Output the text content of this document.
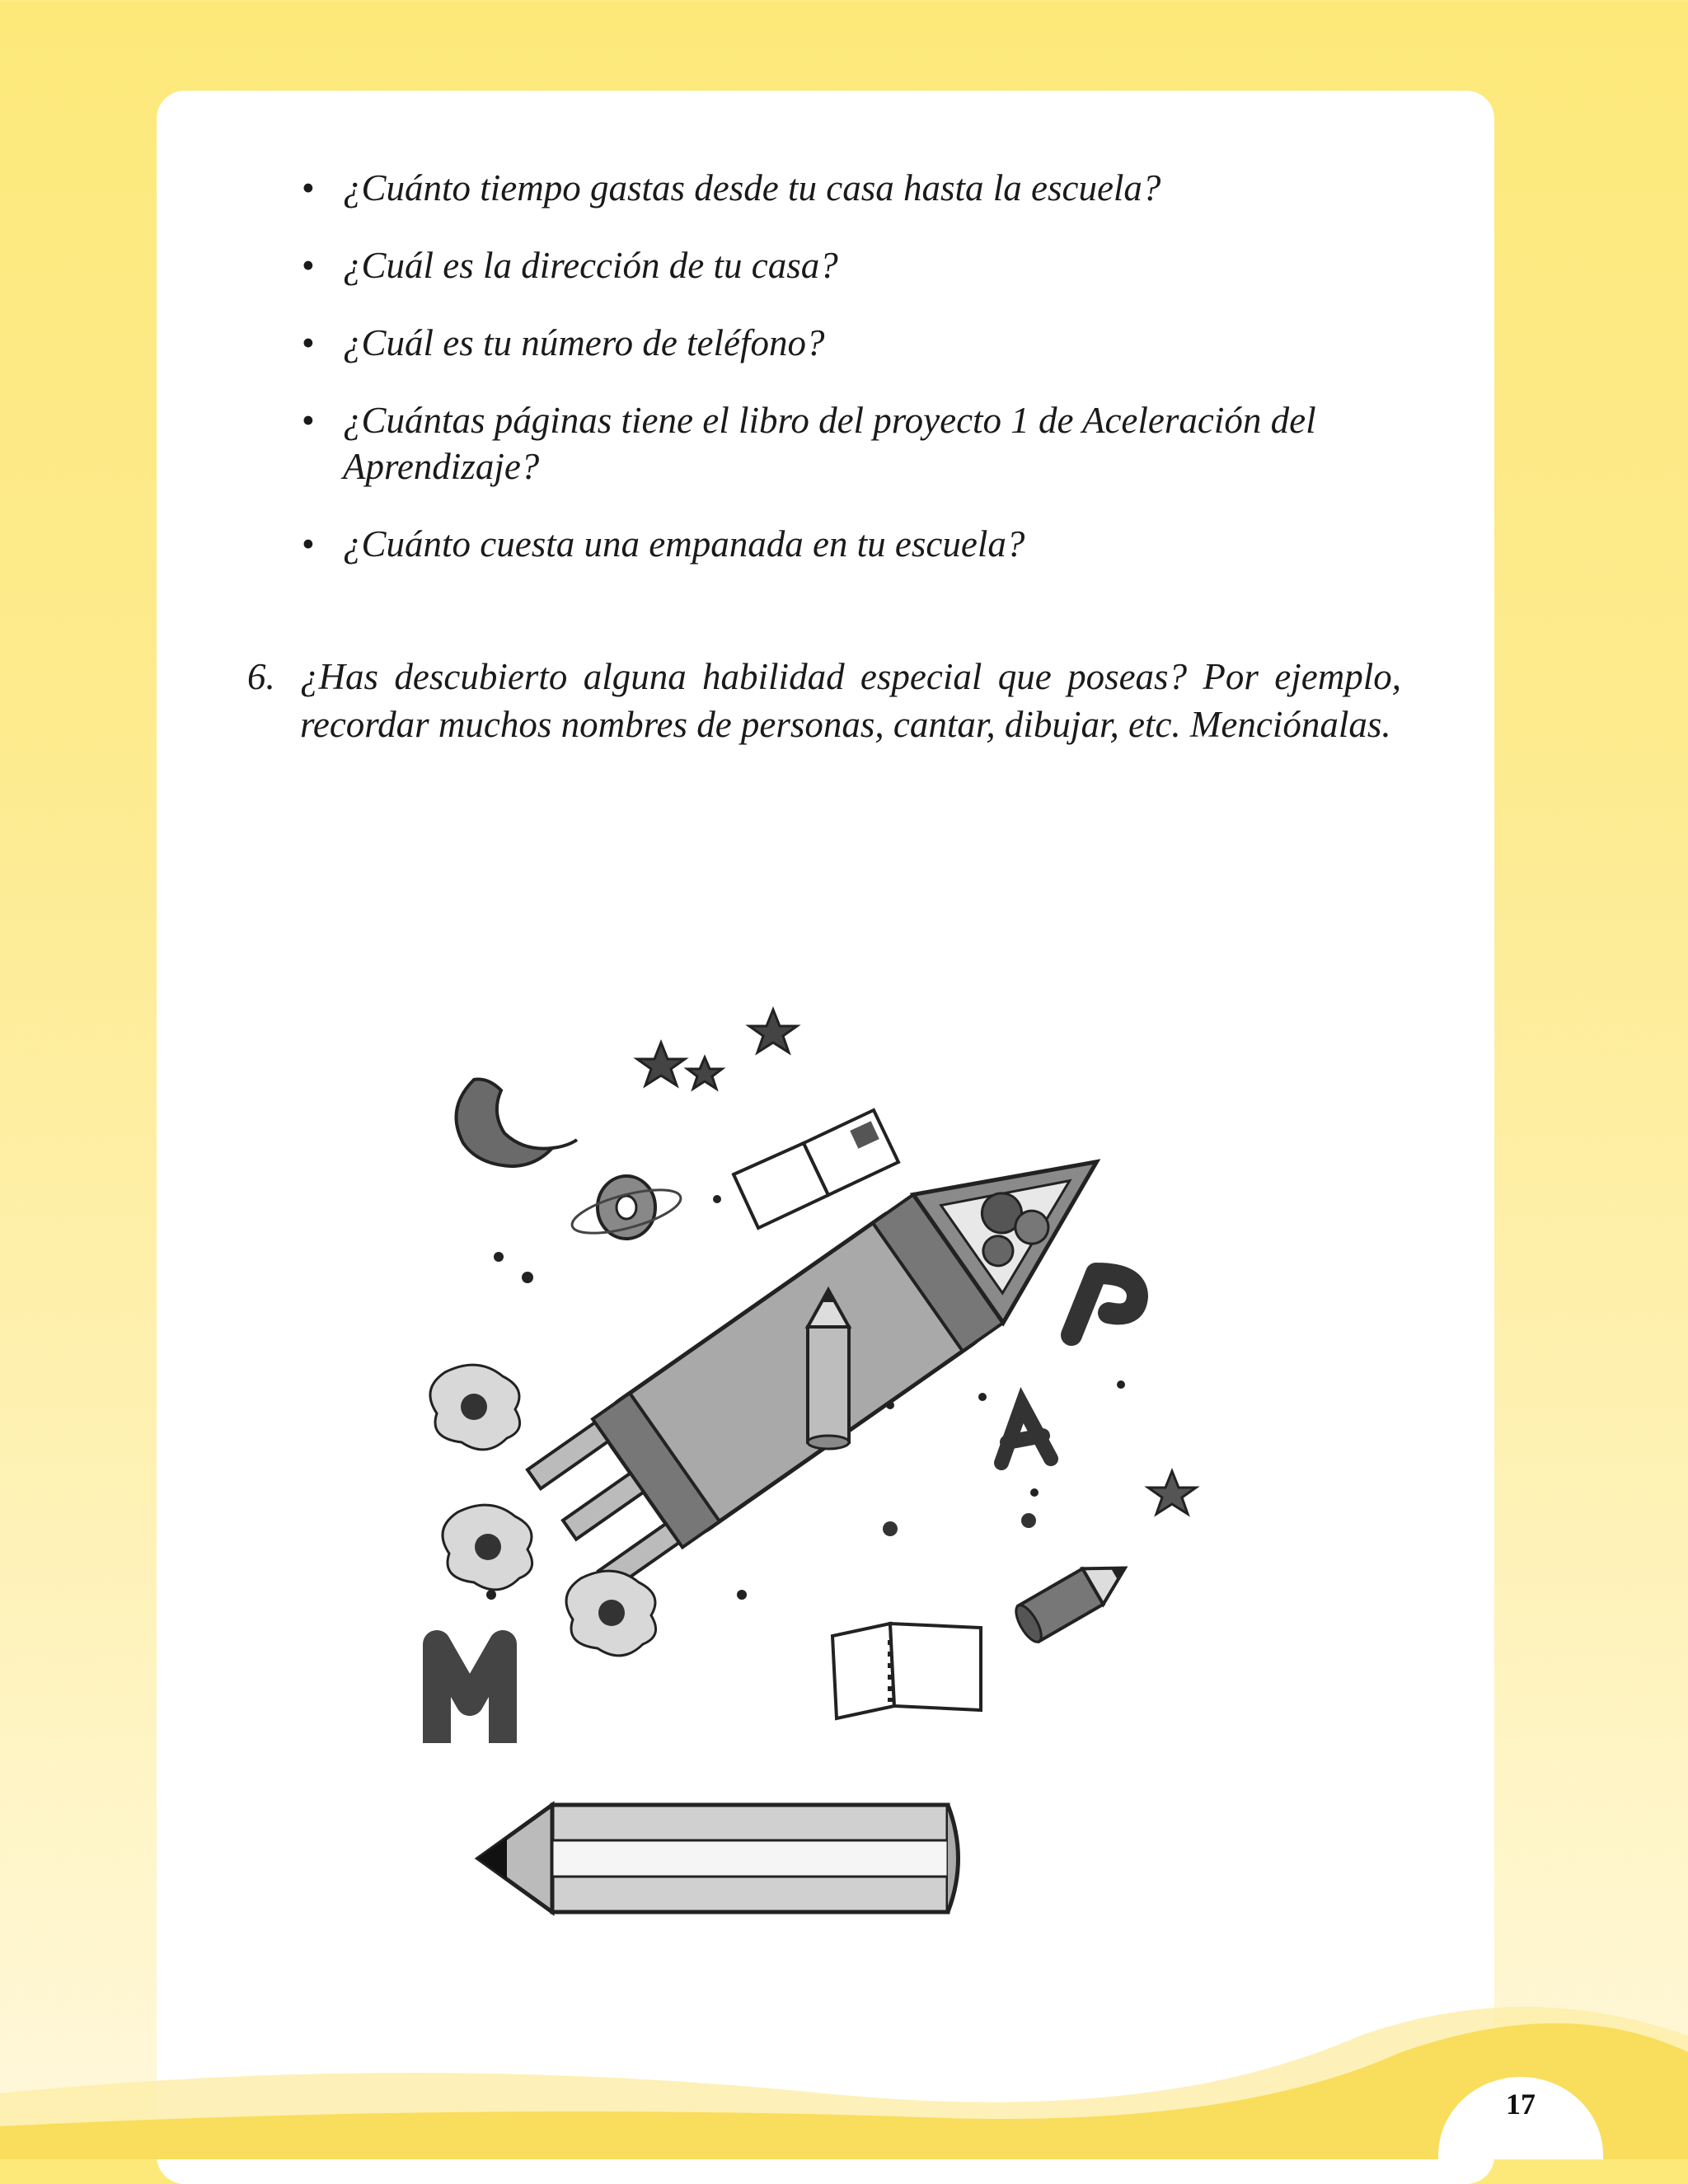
• ¿Cuánto tiempo gastas desde tu casa hasta la escuela?
• ¿Cuál es la dirección de tu casa?
• ¿Cuál es tu número de teléfono?
• ¿Cuántas páginas tiene el libro del proyecto 1 de Aceleración del Aprendizaje?
• ¿Cuánto cuesta una empanada en tu escuela?
6. ¿Has descubierto alguna habilidad especial que poseas? Por ejemplo, recordar muchos nombres de personas, cantar, dibujar, etc. Menciónalas.
17
